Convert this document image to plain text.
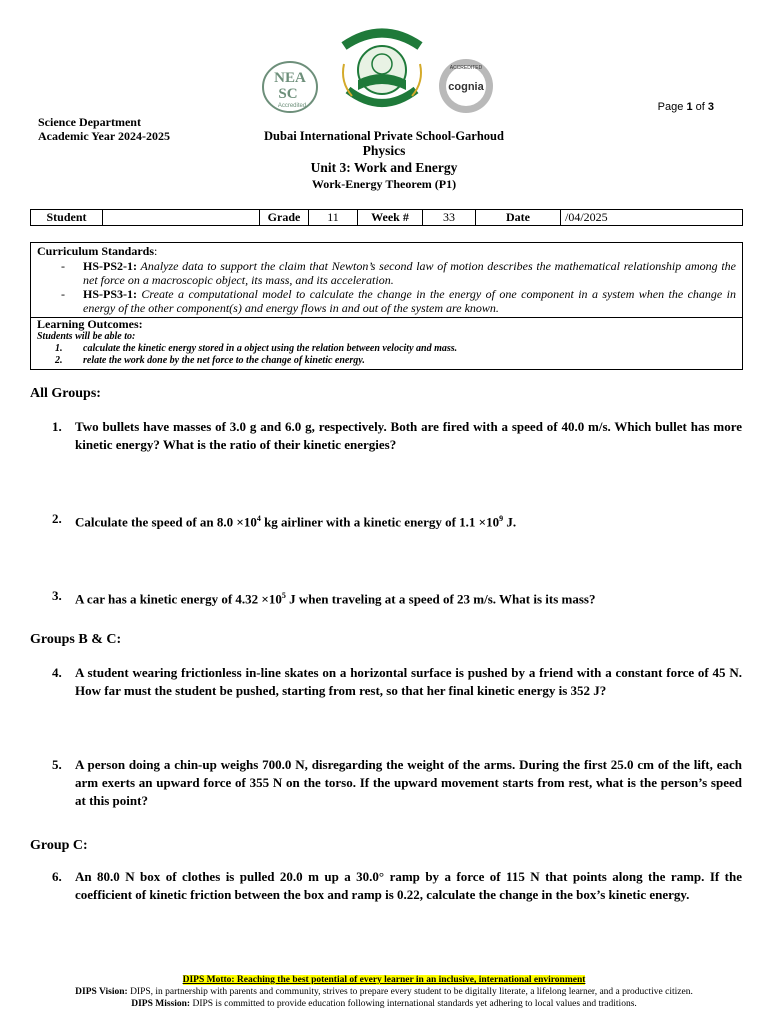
NEA
SC
Accredited
cognia
ACCREDITED
Page 1 of 3
Science Department
Academic Year 2024-2025	Dubai International Private School-Garhoud
Physics
Unit 3: Work and Energy
Work-Energy Theorem (P1)
Student		Grade	11	Week #	33	Date	/04/2025
Curriculum Standards:
- HS-PS2-1: Analyze data to support the claim that Newton’s second law of motion describes the mathematical relationship among the net force on a macroscopic object, its mass, and its acceleration.
- HS-PS3-1: Create a computational model to calculate the change in the energy of one component in a system when the change in energy of the other component(s) and energy flows in and out of the system are known.
Learning Outcomes:
Students will be able to:
1. calculate the kinetic energy stored in a object using the relation between velocity and mass.
2. relate the work done by the net force to the change of kinetic energy.
All Groups:
1. Two bullets have masses of 3.0 g and 6.0 g, respectively. Both are fired with a speed of 40.0 m/s. Which bullet has more kinetic energy? What is the ratio of their kinetic energies?
2. Calculate the speed of an $8.0 \times 10^4$ kg airliner with a kinetic energy of $1.1 \times 10^9$ J.
3. A car has a kinetic energy of $4.32 \times 10^5$ J when traveling at a speed of 23 m/s. What is its mass?
Groups B & C:
4. A student wearing frictionless in-line skates on a horizontal surface is pushed by a friend with a constant force of 45 N. How far must the student be pushed, starting from rest, so that her final kinetic energy is 352 J?
5. A person doing a chin-up weighs 700.0 N, disregarding the weight of the arms. During the first 25.0 cm of the lift, each arm exerts an upward force of 355 N on the torso. If the upward movement starts from rest, what is the person’s speed at this point?
Group C:
6. An 80.0 N box of clothes is pulled 20.0 m up a 30.0° ramp by a force of 115 N that points along the ramp. If the coefficient of kinetic friction between the box and ramp is 0.22, calculate the change in the box’s kinetic energy.
DIPS Motto: Reaching the best potential of every learner in an inclusive, international environment
DIPS Vision: DIPS, in partnership with parents and community, strives to prepare every student to be digitally literate, a lifelong learner, and a productive citizen.
DIPS Mission: DIPS is committed to provide education following international standards yet adhering to local values and traditions.
